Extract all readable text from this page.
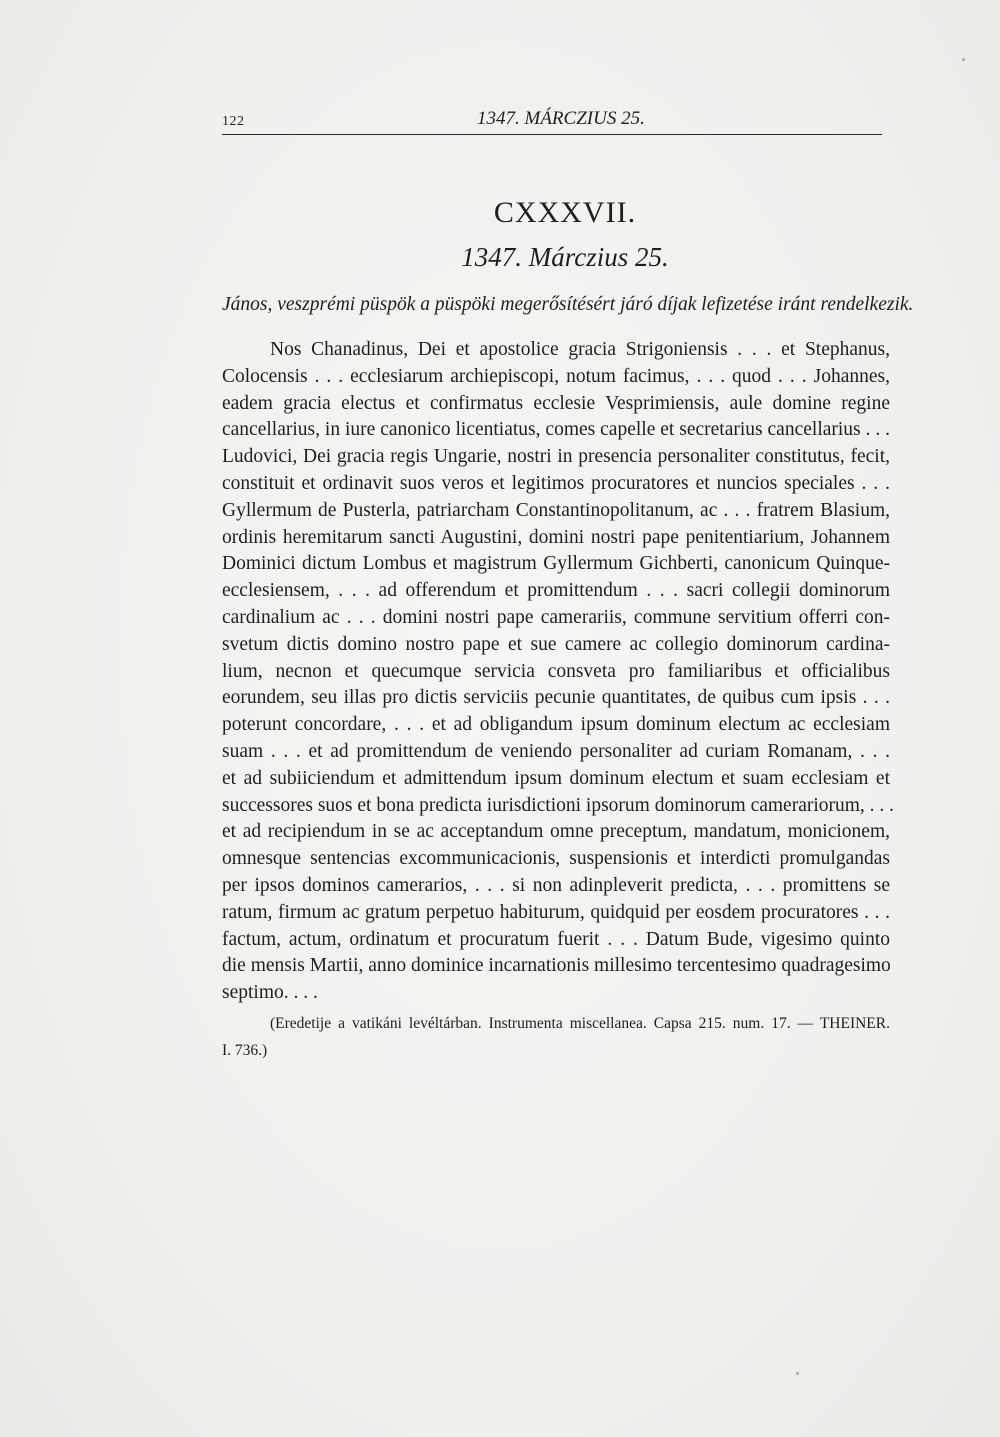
122	1347. MÁRCZIUS 25.
CXXXVII.
1347. Márczius 25.
János, veszprémi püspök a püspöki megerősítésért járó díjak lefizetése iránt rendelkezik.
Nos Chanadinus, Dei et apostolice gracia Strigoniensis . . . et Stephanus,
Colocensis . . . ecclesiarum archiepiscopi, notum facimus, . . . quod . . . Johannes,
eadem gracia electus et confirmatus ecclesie Vesprimiensis, aule domine regine
cancellarius, in iure canonico licentiatus, comes capelle et secretarius cancellarius . . .
Ludovici, Dei gracia regis Ungarie, nostri in presencia personaliter constitutus, fecit,
constituit et ordinavit suos veros et legitimos procuratores et nuncios speciales . . .
Gyllermum de Pusterla, patriarcham Constantinopolitanum, ac . . . fratrem Blasium,
ordinis heremitarum sancti Augustini, domini nostri pape penitentiarium, Johannem
Dominici dictum Lombus et magistrum Gyllermum Gichberti, canonicum Quinque-
ecclesiensem, . . . ad offerendum et promittendum . . . sacri collegii dominorum
cardinalium ac . . . domini nostri pape camerariis, commune servitium offerri con-
svetum dictis domino nostro pape et sue camere ac collegio dominorum cardina-
lium, necnon et quecumque servicia consveta pro familiaribus et officialibus
eorundem, seu illas pro dictis serviciis pecunie quantitates, de quibus cum ipsis . . .
poterunt concordare, . . . et ad obligandum ipsum dominum electum ac ecclesiam
suam . . . et ad promittendum de veniendo personaliter ad curiam Romanam, . . .
et ad subiiciendum et admittendum ipsum dominum electum et suam ecclesiam et
successores suos et bona predicta iurisdictioni ipsorum dominorum camerariorum, . . .
et ad recipiendum in se ac acceptandum omne preceptum, mandatum, monicionem,
omnesque sentencias excommunicacionis, suspensionis et interdicti promulgandas
per ipsos dominos camerarios, . . . si non adinpleverit predicta, . . . promittens se
ratum, firmum ac gratum perpetuo habiturum, quidquid per eosdem procuratores . . .
factum, actum, ordinatum et procuratum fuerit . . . Datum Bude, vigesimo quinto
die mensis Martii, anno dominice incarnationis millesimo tercentesimo quadragesimo
septimo. . . .
(Eredetije a vatikáni levéltárban. Instrumenta miscellanea. Capsa 215. num. 17. — THEINER.
I. 736.)
